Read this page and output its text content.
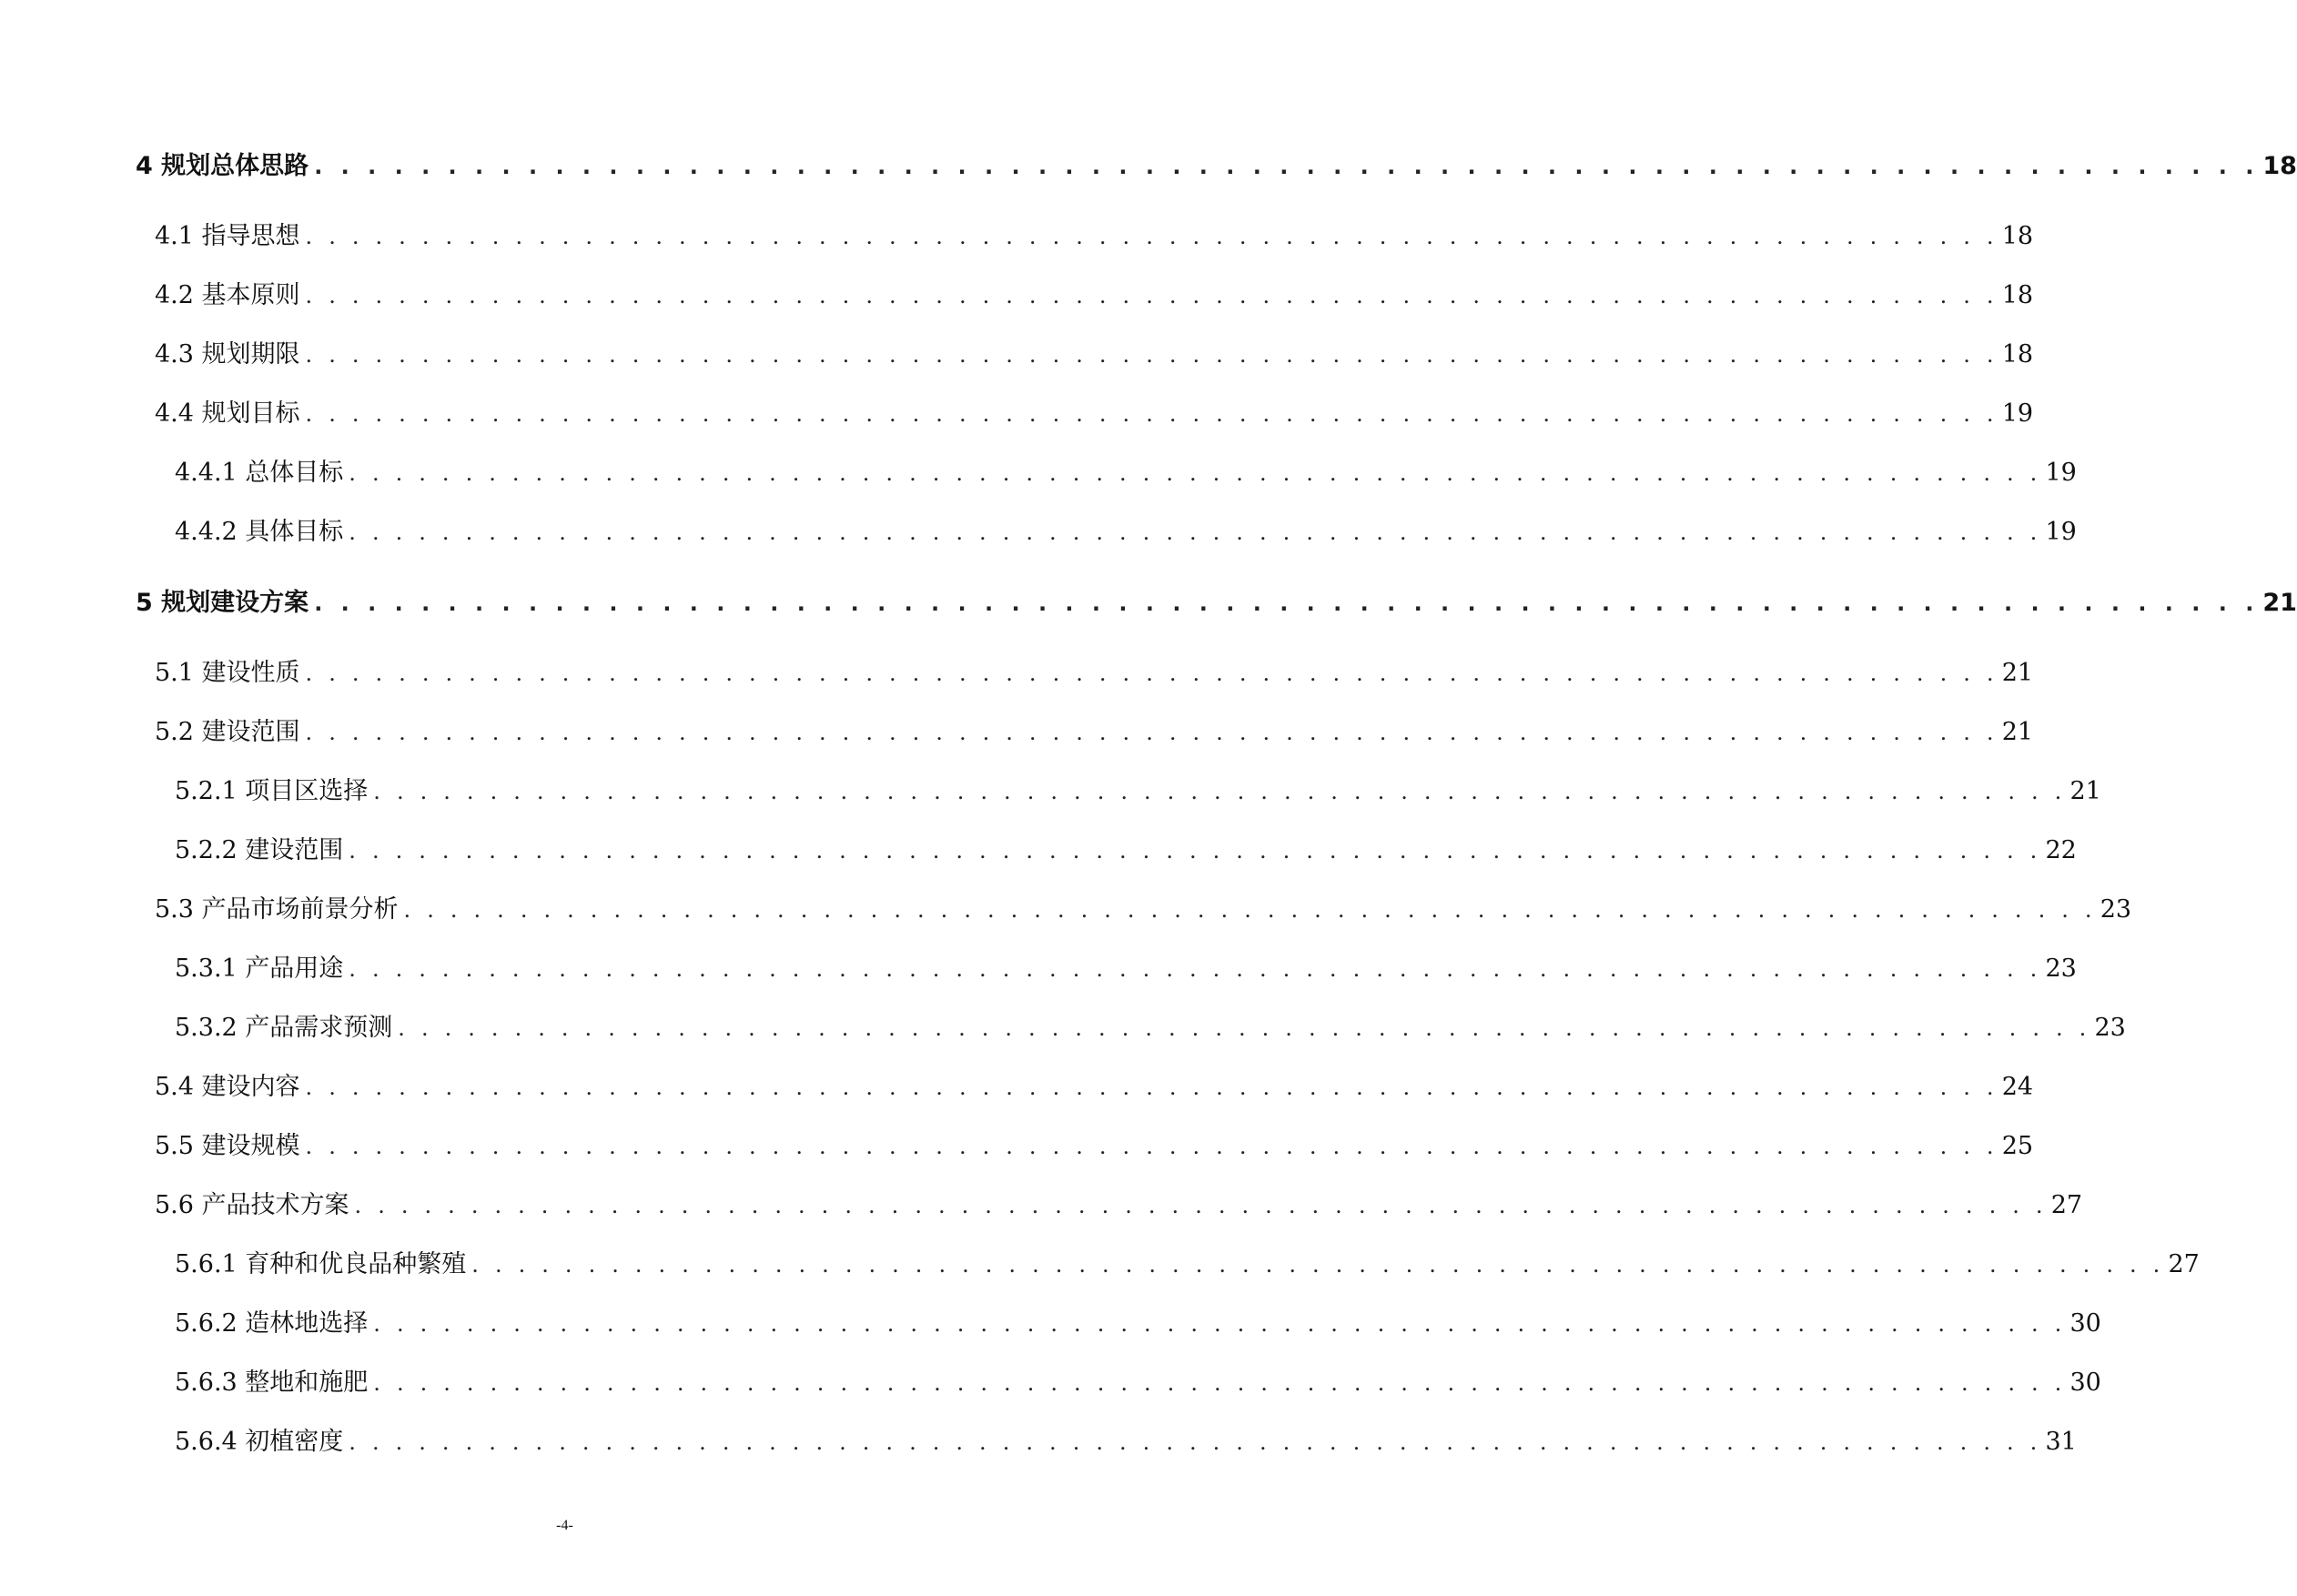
4 规划总体思路 . . . . . . . . . . . . . . . . . . . . . . . . . . . . . . . . . . . . . . . . . . . . . . . . . . . . . . . . . . . . . . . . . . . . . . . . . 18
4.1 指导思想 . . . . . . . . . . . . . . . . . . . . . . . . . . . . . . . . . . . . . . . . . . . . . . . . . . . . . . . . . . . . . . . . . . . . . . . . . 18
4.2 基本原则 . . . . . . . . . . . . . . . . . . . . . . . . . . . . . . . . . . . . . . . . . . . . . . . . . . . . . . . . . . . . . . . . . . . . . . . . . 18
4.3 规划期限 . . . . . . . . . . . . . . . . . . . . . . . . . . . . . . . . . . . . . . . . . . . . . . . . . . . . . . . . . . . . . . . . . . . . . . . . . 18
4.4 规划目标 . . . . . . . . . . . . . . . . . . . . . . . . . . . . . . . . . . . . . . . . . . . . . . . . . . . . . . . . . . . . . . . . . . . . . . . . . 19
4.4.1 总体目标 . . . . . . . . . . . . . . . . . . . . . . . . . . . . . . . . . . . . . . . . . . . . . . . . . . . . . . . . . . . . . . . . . . . . . . . . . 19
4.4.2 具体目标 . . . . . . . . . . . . . . . . . . . . . . . . . . . . . . . . . . . . . . . . . . . . . . . . . . . . . . . . . . . . . . . . . . . . . . . . . 19
5 规划建设方案 . . . . . . . . . . . . . . . . . . . . . . . . . . . . . . . . . . . . . . . . . . . . . . . . . . . . . . . . . . . . . . . . . . . . . . . . . 21
5.1 建设性质 . . . . . . . . . . . . . . . . . . . . . . . . . . . . . . . . . . . . . . . . . . . . . . . . . . . . . . . . . . . . . . . . . . . . . . . . . 21
5.2 建设范围 . . . . . . . . . . . . . . . . . . . . . . . . . . . . . . . . . . . . . . . . . . . . . . . . . . . . . . . . . . . . . . . . . . . . . . . . . 21
5.2.1 项目区选择 . . . . . . . . . . . . . . . . . . . . . . . . . . . . . . . . . . . . . . . . . . . . . . . . . . . . . . . . . . . . . . . . . . . . . . . . . 21
5.2.2 建设范围 . . . . . . . . . . . . . . . . . . . . . . . . . . . . . . . . . . . . . . . . . . . . . . . . . . . . . . . . . . . . . . . . . . . . . . . . . 22
5.3 产品市场前景分析 . . . . . . . . . . . . . . . . . . . . . . . . . . . . . . . . . . . . . . . . . . . . . . . . . . . . . . . . . . . . . . . . . . . . . . . . . 23
5.3.1 产品用途 . . . . . . . . . . . . . . . . . . . . . . . . . . . . . . . . . . . . . . . . . . . . . . . . . . . . . . . . . . . . . . . . . . . . . . . . . 23
5.3.2 产品需求预测 . . . . . . . . . . . . . . . . . . . . . . . . . . . . . . . . . . . . . . . . . . . . . . . . . . . . . . . . . . . . . . . . . . . . . . . . . 23
5.4 建设内容 . . . . . . . . . . . . . . . . . . . . . . . . . . . . . . . . . . . . . . . . . . . . . . . . . . . . . . . . . . . . . . . . . . . . . . . . . 24
5.5 建设规模 . . . . . . . . . . . . . . . . . . . . . . . . . . . . . . . . . . . . . . . . . . . . . . . . . . . . . . . . . . . . . . . . . . . . . . . . . 25
5.6 产品技术方案 . . . . . . . . . . . . . . . . . . . . . . . . . . . . . . . . . . . . . . . . . . . . . . . . . . . . . . . . . . . . . . . . . . . . . . . . . 27
5.6.1 育种和优良品种繁殖 . . . . . . . . . . . . . . . . . . . . . . . . . . . . . . . . . . . . . . . . . . . . . . . . . . . . . . . . . . . . . . . . . . . . . . . . . 27
5.6.2 造林地选择 . . . . . . . . . . . . . . . . . . . . . . . . . . . . . . . . . . . . . . . . . . . . . . . . . . . . . . . . . . . . . . . . . . . . . . . . . 30
5.6.3 整地和施肥 . . . . . . . . . . . . . . . . . . . . . . . . . . . . . . . . . . . . . . . . . . . . . . . . . . . . . . . . . . . . . . . . . . . . . . . . . 30
5.6.4 初植密度 . . . . . . . . . . . . . . . . . . . . . . . . . . . . . . . . . . . . . . . . . . . . . . . . . . . . . . . . . . . . . . . . . . . . . . . . . 31
-4-
